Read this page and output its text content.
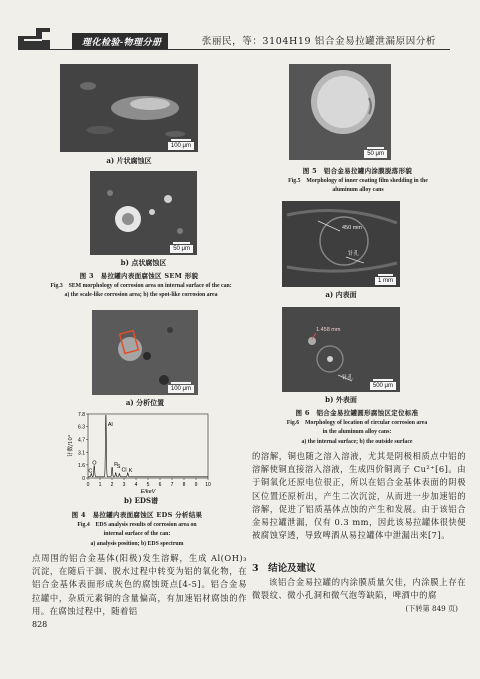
理化检验-物理分册	张丽民，等：3104H19 铝合金易拉罐泄漏原因分析
100 μm
a) 片状腐蚀区
50 μm
b) 点状腐蚀区
图 3　易拉罐内表面腐蚀区 SEM 形貌
Fig.3　SEM morphology of corrosion area on internal surface of the can:
a) the scale-like corrosion area; b) the spot-like corrosion area
100 μm
a) 分析位置
7.8
6.3
4.7
3.1
1.6
0
0 1 2 3 4 5 6 7 8 9 10
E/keV
计数/10³
O
Al
P
S
Cl K
C
b) EDS谱
图 4　易拉罐内表面腐蚀区 EDS 分析结果
Fig.4　EDS analysis results of corrosion area on
internal surface of the can:
a) analysis position; b) EDS spectrum
点周围的铝合金基体(阳极)发生溶解，生成 Al(OH)₃ 沉淀，在随后干涸、脱水过程中转变为铝的氧化物，在铝合金基体表面形成灰色的腐蚀斑点[4-5]。铝合金易拉罐中，杂质元素铜的含量偏高，有加速铝材腐蚀的作用。在腐蚀过程中，随着铝
828
50 μm
图 5　铝合金易拉罐内涂膜脱落形貌
Fig.5　Morphology of inner coating film shedding in the
aluminum alloy cans
450 mm
针孔
1 mm
a) 内表面
1.458 mm
针孔
500 μm
b) 外表面
图 6　铝合金易拉罐圆形腐蚀区定位标准
Fig.6　Morphology of location of circular corrosion area
in the aluminum alloy cans:
a) the internal surface; b) the outside surface
的溶解，铜也随之溶入溶液，尤其是阴极相质点中铝的溶解使铜直接溶入溶液，生成四价铜离子 Cu²⁺[6]。由于铜氧化还原电位很正，所以在铝合金基体表面的阴极区位置还原析出，产生二次沉淀，从而进一步加速铝的溶解，促进了铝质基体点蚀的产生和发展。由于该铝合金易拉罐泄漏，仅有 0.3 mm，因此该易拉罐体很快便被腐蚀穿透，导致啤酒从易拉罐体中泄漏出来[7]。
3　结论及建议
该铝合金易拉罐的内涂膜质量欠佳，内涂膜上存在微裂纹、微小孔洞和微气泡等缺陷，啤酒中的腐
(下转第 849 页)
